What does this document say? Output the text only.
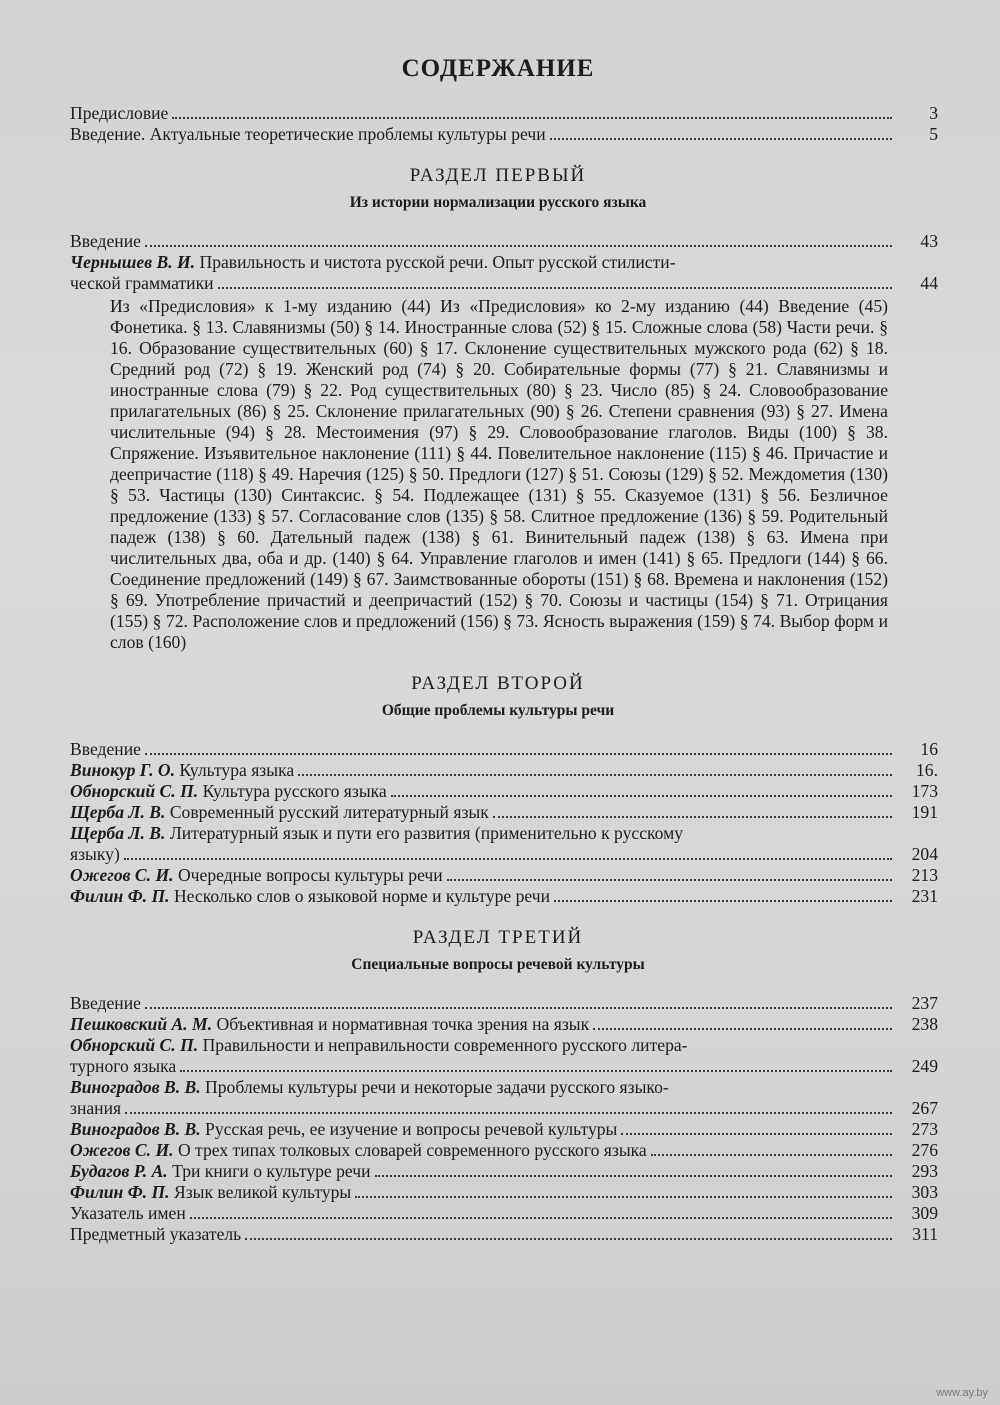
СОДЕРЖАНИЕ
Предисловие	3
Введение. Актуальные теоретические проблемы культуры речи	5
РАЗДЕЛ ПЕРВЫЙ
Из истории нормализации русского языка
Введение	43
Чернышев В. И. Правильность и чистота русской речи. Опыт русской стилисти-
ческой грамматики	44
Из «Предисловия» к 1-му изданию (44) Из «Предисловия» ко 2-му изданию (44) Введение (45) Фонетика. § 13. Славянизмы (50) § 14. Иностранные слова (52) § 15. Сложные слова (58) Части речи. § 16. Образование существительных (60) § 17. Склонение существительных мужского рода (62) § 18. Средний род (72) § 19. Женский род (74) § 20. Собирательные формы (77) § 21. Славянизмы и иностранные слова (79) § 22. Род существительных (80) § 23. Число (85) § 24. Словообразование прилагательных (86) § 25. Склонение прилагательных (90) § 26. Степени сравнения (93) § 27. Имена числительные (94) § 28. Местоимения (97) § 29. Словообразование глаголов. Виды (100) § 38. Спряжение. Изъявительное наклонение (111) § 44. Повелительное наклонение (115) § 46. Причастие и деепричастие (118) § 49. Наречия (125) § 50. Предлоги (127) § 51. Союзы (129) § 52. Междометия (130) § 53. Частицы (130) Синтаксис. § 54. Подлежащее (131) § 55. Сказуемое (131) § 56. Безличное предложение (133) § 57. Согласование слов (135) § 58. Слитное предложение (136) § 59. Родительный падеж (138) § 60. Дательный падеж (138) § 61. Винительный падеж (138) § 63. Имена при числительных два, оба и др. (140) § 64. Управление глаголов и имен (141) § 65. Предлоги (144) § 66. Соединение предложений (149) § 67. Заимствованные обороты (151) § 68. Времена и наклонения (152) § 69. Употребление причастий и деепричастий (152) § 70. Союзы и частицы (154) § 71. Отрицания (155) § 72. Расположение слов и предложений (156) § 73. Ясность выражения (159) § 74. Выбор форм и слов (160)
РАЗДЕЛ ВТОРОЙ
Общие проблемы культуры речи
Введение	16
Винокур Г. О. Культура языка	16.
Обнорский С. П. Культура русского языка	173
Щерба Л. В. Современный русский литературный язык	191
Щерба Л. В. Литературный язык и пути его развития (применительно к русскому
языку)	204
Ожегов С. И. Очередные вопросы культуры речи	213
Филин Ф. П. Несколько слов о языковой норме и культуре речи	231
РАЗДЕЛ ТРЕТИЙ
Специальные вопросы речевой культуры
Введение	237
Пешковский А. М. Объективная и нормативная точка зрения на язык	238
Обнорский С. П. Правильности и неправильности современного русского литера-
турного языка	249
Виноградов В. В. Проблемы культуры речи и некоторые задачи русского языко-
знания	267
Виноградов В. В. Русская речь, ее изучение и вопросы речевой культуры	273
Ожегов С. И. О трех типах толковых словарей современного русского языка	276
Будагов Р. А. Три книги о культуре речи	293
Филин Ф. П. Язык великой культуры	303
Указатель имен	309
Предметный указатель	311
www.ay.by
